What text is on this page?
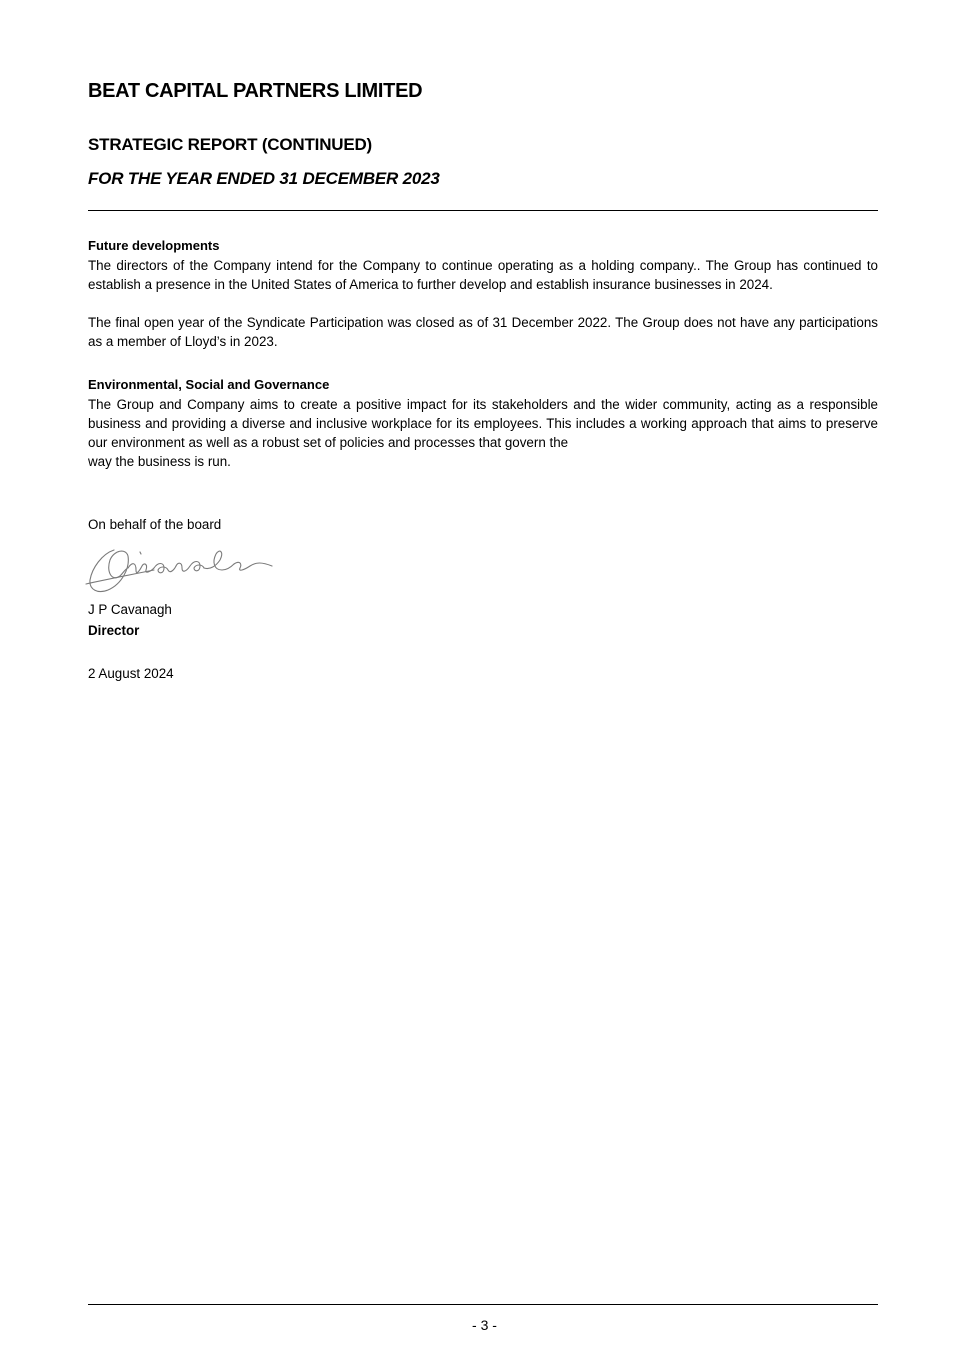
BEAT CAPITAL PARTNERS LIMITED
STRATEGIC REPORT (CONTINUED)
FOR THE YEAR ENDED 31 DECEMBER 2023
Future developments
The directors of the Company intend for the Company to continue operating as a holding company.. The Group has continued to establish a presence in the United States of America to further develop and establish insurance businesses in 2024.
The final open year of the Syndicate Participation was closed as of 31 December 2022. The Group does not have any participations as a member of Lloyd’s in 2023.
Environmental, Social and Governance
The Group and Company aims to create a positive impact for its stakeholders and the wider community, acting as a responsible business and providing a diverse and inclusive workplace for its employees. This includes a working approach that aims to preserve our environment as well as a robust set of policies and processes that govern the
way the business is run.
On behalf of the board
J P Cavanagh
Director
2 August 2024
- 3 -
